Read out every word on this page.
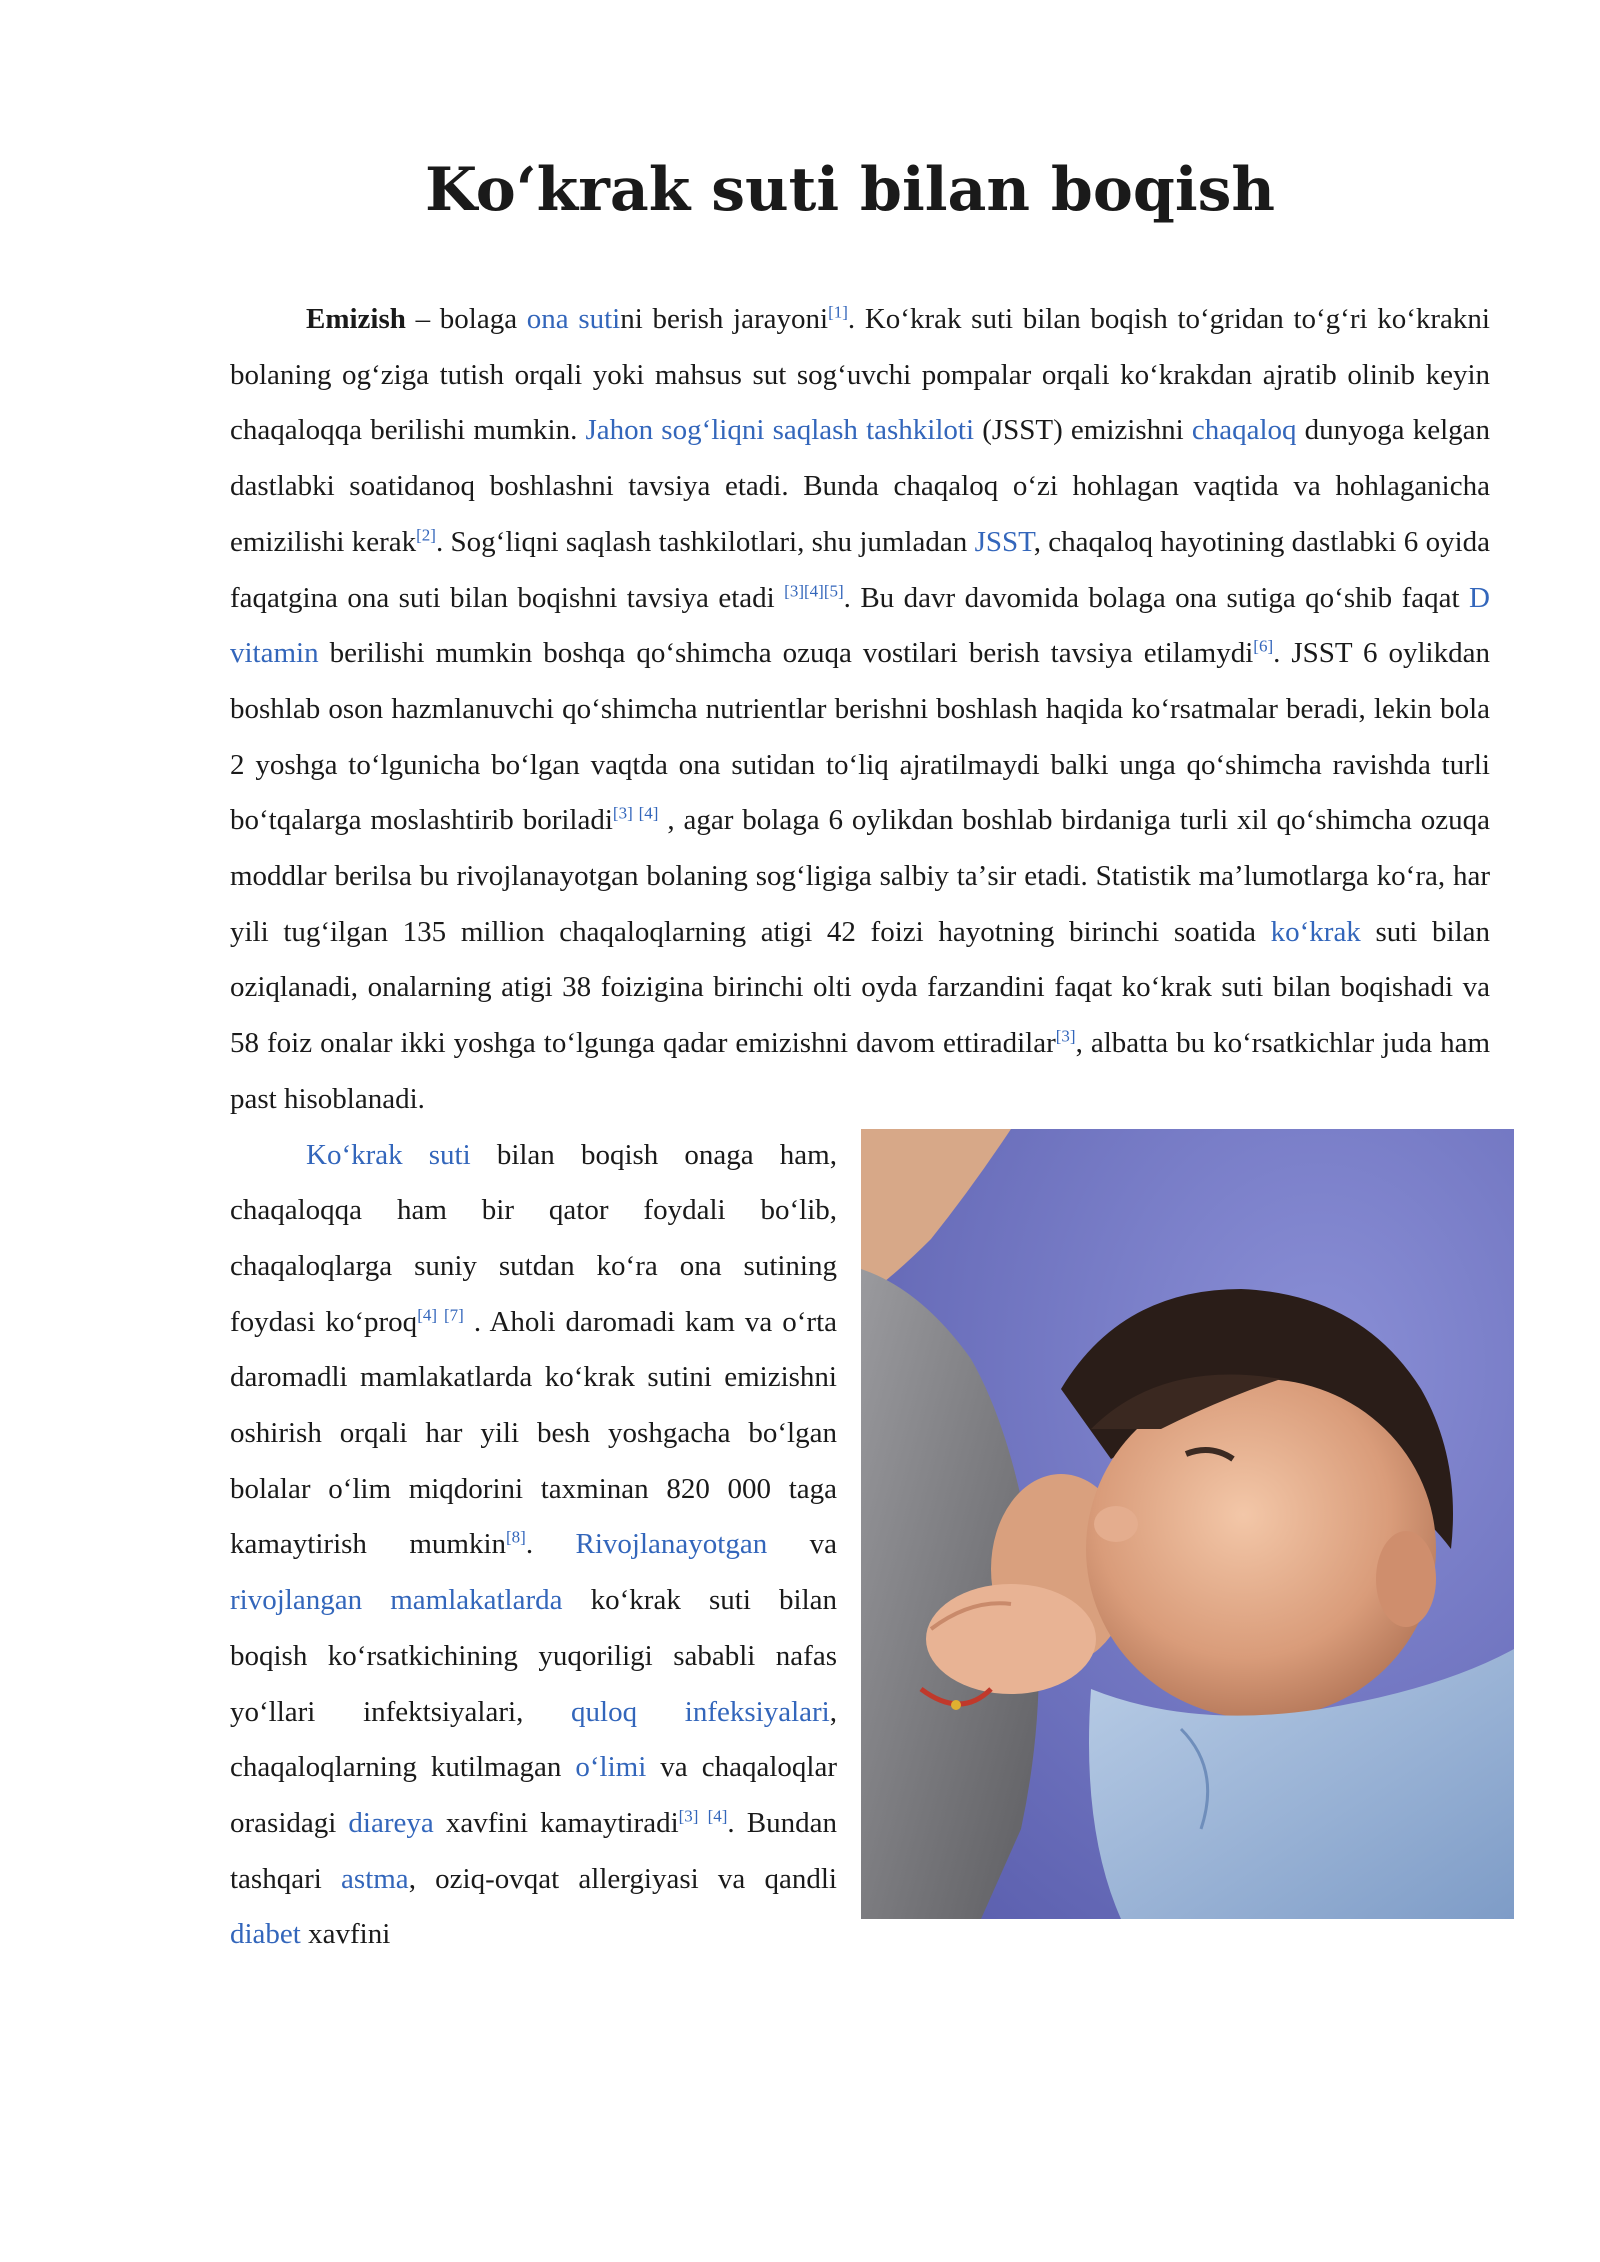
Koʻkrak suti bilan boqish

Emizish – bolaga ona sutini berish jarayoni[1]. Koʻkrak suti bilan boqish toʻgridan toʻgʻri koʻkrakni bolaning ogʻziga tutish orqali yoki mahsus sut sogʻuvchi pompalar orqali koʻkrakdan ajratib olinib keyin chaqaloqqa berilishi mumkin. Jahon sogʻliqni saqlash tashkiloti (JSST) emizishni chaqaloq dunyoga kelgan dastlabki soatidanoq boshlashni tavsiya etadi. Bunda chaqaloq oʻzi hohlagan vaqtida va hohlaganicha emizilishi kerak[2]. Sogʻliqni saqlash tashkilotlari, shu jumladan JSST, chaqaloq hayotining dastlabki 6 oyida faqatgina ona suti bilan boqishni tavsiya etadi [3][4][5]. Bu davr davomida bolaga ona sutiga qoʻshib faqat D vitamin berilishi mumkin boshqa qoʻshimcha ozuqa vostilari berish tavsiya etilamydi[6]. JSST 6 oylikdan boshlab oson hazmlanuvchi qoʻshimcha nutrientlar berishni boshlash haqida koʻrsatmalar beradi, lekin bola 2 yoshga toʻlgunicha boʻlgan vaqtda ona sutidan toʻliq ajratilmaydi balki unga qoʻshimcha ravishda turli boʻtqalarga moslashtirib boriladi[3] [4] , agar bolaga 6 oylikdan boshlab birdaniga turli xil qoʻshimcha ozuqa moddlar berilsa bu rivojlanayotgan bolaning sogʻligiga salbiy taʼsir etadi. Statistik maʼlumotlarga koʻra, har yili tugʻilgan 135 million chaqaloqlarning atigi 42 foizi hayotning birinchi soatida koʻkrak suti bilan oziqlanadi, onalarning atigi 38 foizigina birinchi olti oyda farzandini faqat koʻkrak suti bilan boqishadi va 58 foiz onalar ikki yoshga toʻlgunga qadar emizishni davom ettiradilar[3], albatta bu koʻrsatkichlar juda ham past hisoblanadi.

Koʻkrak suti bilan boqish onaga ham, chaqaloqqa ham bir qator foydali boʻlib, chaqaloqlarga suniy sutdan koʻra ona sutining foydasi koʻproq[4] [7] . Aholi daromadi kam va oʻrta daromadli mamlakatlarda koʻkrak sutini emizishni oshirish orqali har yili besh yoshgacha boʻlgan bolalar oʻlim miqdorini taxminan 820 000 taga kamaytirish mumkin[8]. Rivojlanayotgan va rivojlangan mamlakatlarda koʻkrak suti bilan boqish koʻrsatkichining yuqoriligi sababli nafas yoʻllari infektsiyalari, quloq infeksiyalari, chaqaloqlarning kutilmagan oʻlimi va chaqaloqlar orasidagi diareya xavfini kamaytiradi[3] [4]. Bundan tashqari astma, oziq-ovqat allergiyasi va qandli diabet xavfini
